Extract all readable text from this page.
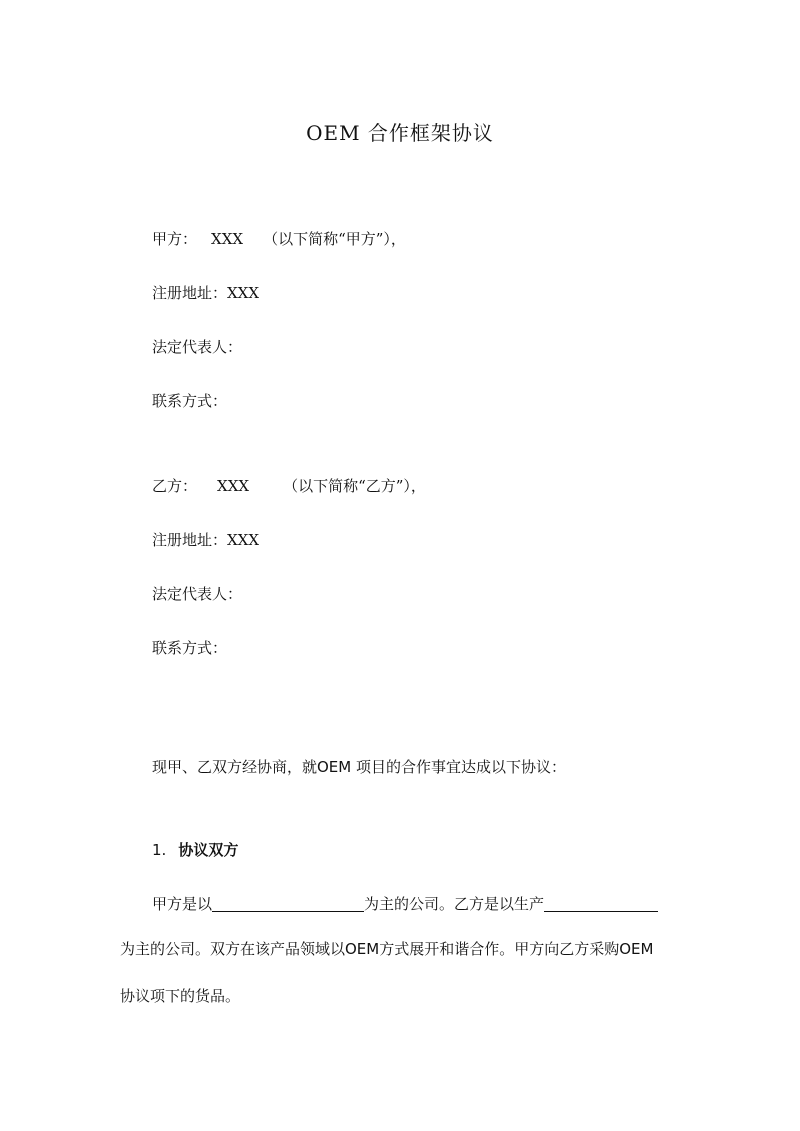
OEM 合作框架协议
甲方： XXX （以下简称“甲方”），
注册地址：XXX
法定代表人：
联系方式：
乙方： XXX （以下简称“乙方”），
注册地址：XXX
法定代表人：
联系方式：
现甲、乙双方经协商，就OEM 项目的合作事宜达成以下协议：
1. 协议双方
甲方是以	为主的公司。乙方是以生产
为主的公司。双方在该产品领域以OEM方式展开和谐合作。甲方向乙方采购OEM
协议项下的货品。
